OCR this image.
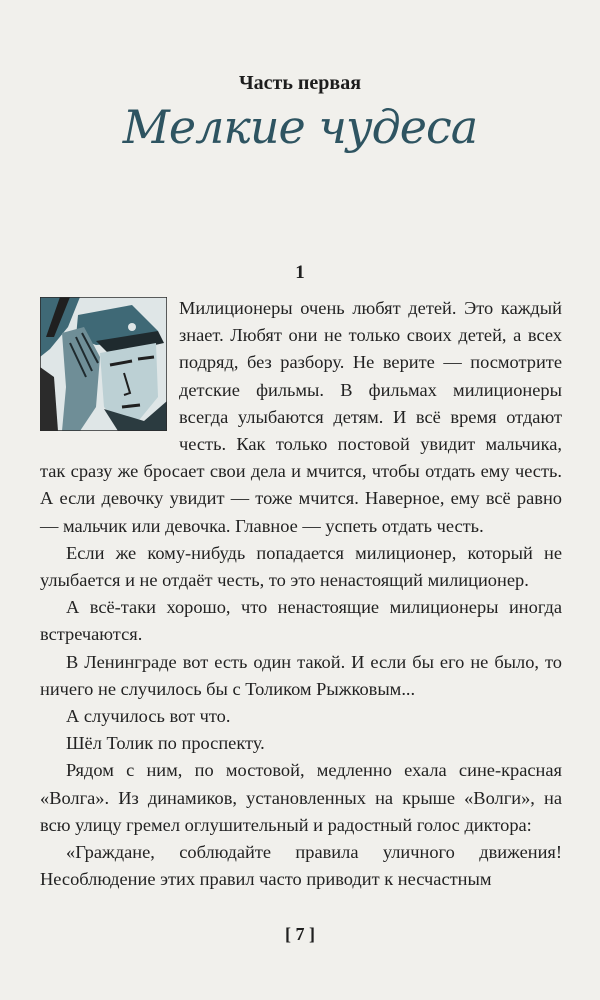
Часть первая
Мелкие чудеса
1

Милиционеры очень любят детей. Это каждый знает. Любят они не только своих детей, а всех подряд, без разбору. Не верите — посмотрите детские фильмы. В фильмах милиционеры всегда улыбаются детям. И всё время отдают честь. Как только постовой увидит мальчика, так сразу же бросает свои дела и мчится, чтобы отдать ему честь. А если девочку увидит — тоже мчится. Наверное, ему всё равно — мальчик или девочка. Главное — успеть отдать честь.

Если же кому-нибудь попадается милиционер, который не улыбается и не отдаёт честь, то это ненастоящий милиционер.

А всё-таки хорошо, что ненастоящие милиционеры иногда встречаются.

В Ленинграде вот есть один такой. И если бы его не было, то ничего не случилось бы с Толиком Рыжковым...

А случилось вот что.

Шёл Толик по проспекту.

Рядом с ним, по мостовой, медленно ехала сине-красная «Волга». Из динамиков, установленных на крыше «Волги», на всю улицу гремел оглушительный и радостный голос диктора:

«Граждане, соблюдайте правила уличного движения! Несоблюдение этих правил часто приводит к несчастным

[ 7 ]
